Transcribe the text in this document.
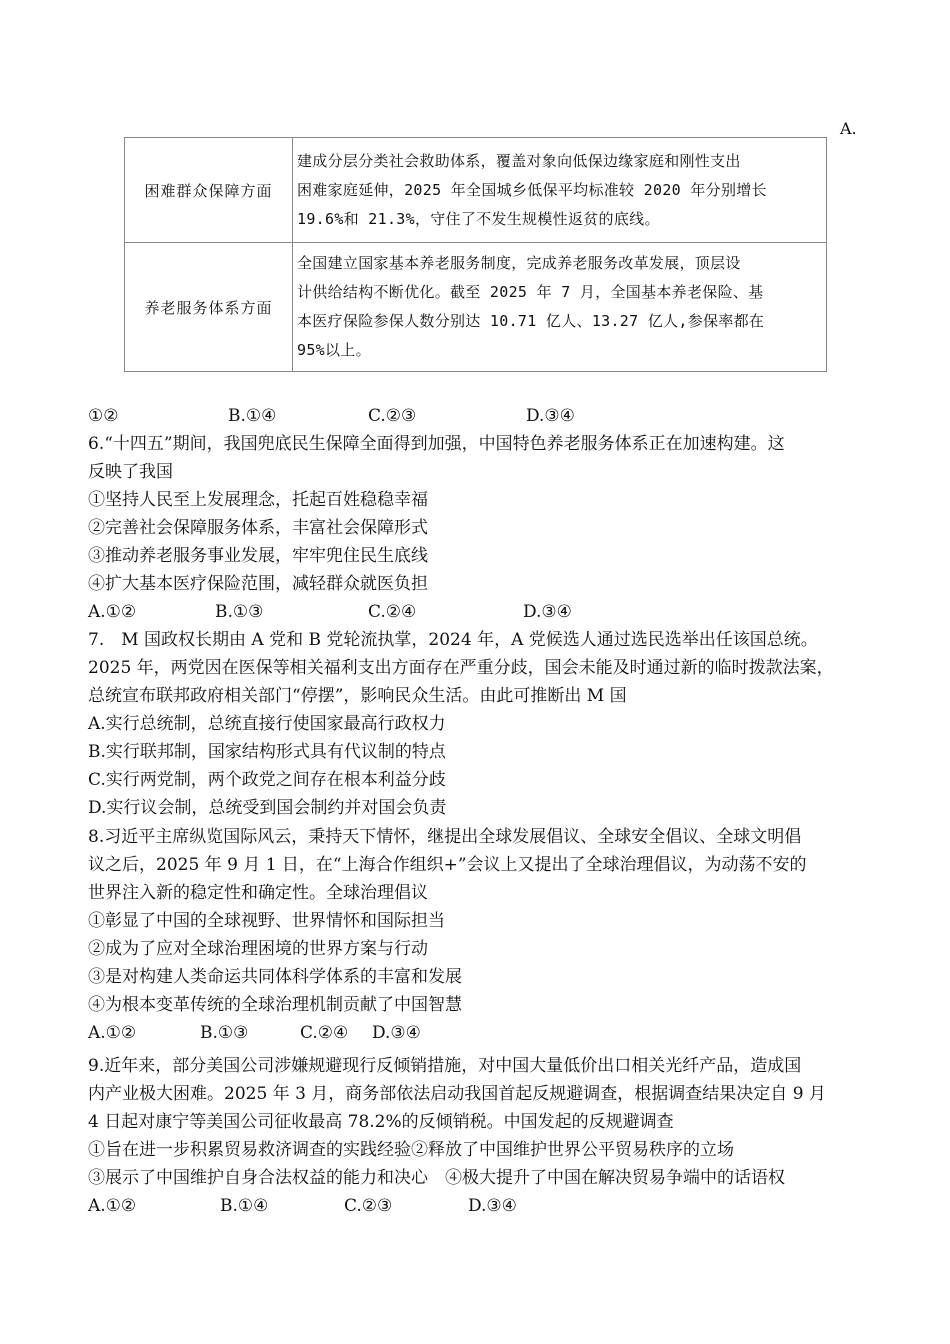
A.
困难群众保障方面	建成分层分类社会救助体系，覆盖对象向低保边缘家庭和刚性支出
困难家庭延伸，2025 年全国城乡低保平均标准较 2020 年分别增长
19.6%和 21.3%，守住了不发生规模性返贫的底线。

养老服务体系方面	全国建立国家基本养老服务制度，完成养老服务改革发展，顶层设
计供给结构不断优化。截至 2025 年 7 月，全国基本养老保险、基
本医疗保险参保人数分别达 10.71 亿人、13.27 亿人,参保率都在
95%以上。
①②	B.①④	C.②③	D.③④
6.“十四五”期间，我国兜底民生保障全面得到加强，中国特色养老服务体系正在加速构建。这
反映了我国
①坚持人民至上发展理念，托起百姓稳稳幸福
②完善社会保障服务体系，丰富社会保障形式
③推动养老服务事业发展，牢牢兜住民生底线
④扩大基本医疗保险范围，减轻群众就医负担
A.①②	B.①③	C.②④	D.③④
7.　M 国政权长期由 A 党和 B 党轮流执掌，2024 年，A 党候选人通过选民选举出任该国总统。
2025 年，两党因在医保等相关福利支出方面存在严重分歧，国会未能及时通过新的临时拨款法案，
总统宣布联邦政府相关部门“停摆”，影响民众生活。由此可推断出 M 国
A.实行总统制，总统直接行使国家最高行政权力
B.实行联邦制，国家结构形式具有代议制的特点
C.实行两党制，两个政党之间存在根本利益分歧
D.实行议会制，总统受到国会制约并对国会负责
8.习近平主席纵览国际风云，秉持天下情怀，继提出全球发展倡议、全球安全倡议、全球文明倡
议之后，2025 年 9 月 1 日，在“上海合作组织+”会议上又提出了全球治理倡议，为动荡不安的
世界注入新的稳定性和确定性。全球治理倡议
①彰显了中国的全球视野、世界情怀和国际担当
②成为了应对全球治理困境的世界方案与行动
③是对构建人类命运共同体科学体系的丰富和发展
④为根本变革传统的全球治理机制贡献了中国智慧
A.①②	B.①③	C.②④	D.③④
9.近年来，部分美国公司涉嫌规避现行反倾销措施，对中国大量低价出口相关光纤产品，造成国
内产业极大困难。2025 年 3 月，商务部依法启动我国首起反规避调查，根据调查结果决定自 9 月
4 日起对康宁等美国公司征收最高 78.2%的反倾销税。中国发起的反规避调查
①旨在进一步积累贸易救济调查的实践经验②释放了中国维护世界公平贸易秩序的立场
③展示了中国维护自身合法权益的能力和决心　④极大提升了中国在解决贸易争端中的话语权
A.①②	B.①④	C.②③	D.③④
